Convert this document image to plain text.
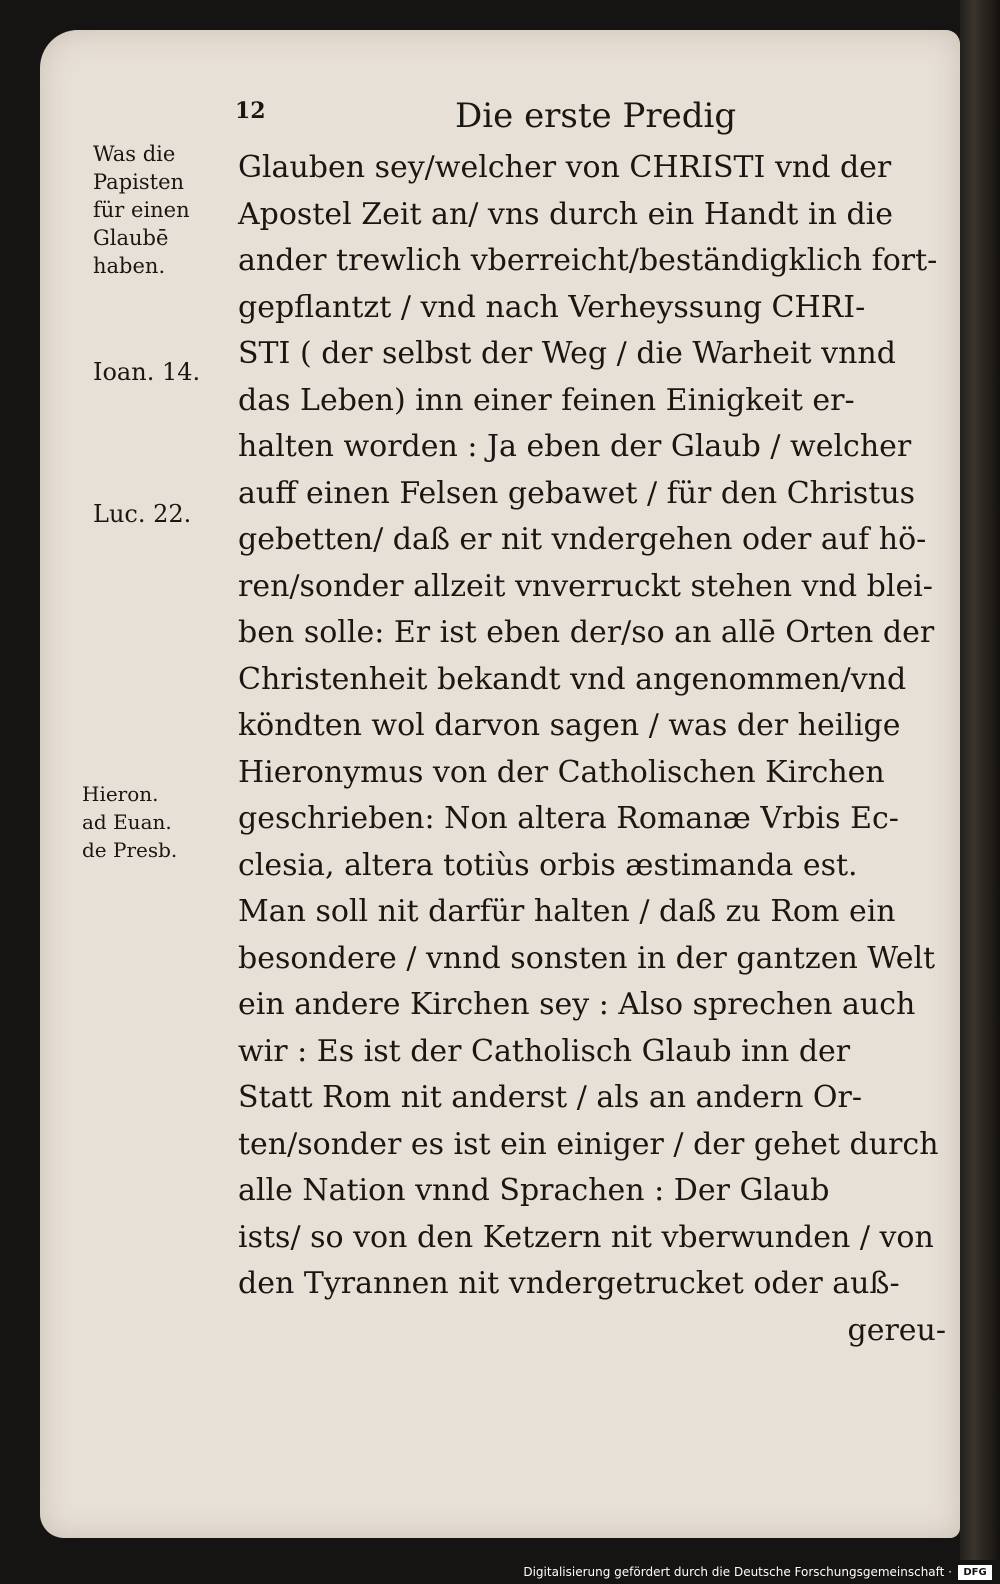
12	Die erste Predig
Was die
Papisten
für einen
Glaubē
haben.
Ioan. 14.
Luc. 22.
Hieron.
ad Euan.
de Presb.
Glauben sey/welcher von CHRISTI vnd der
Apostel Zeit an/ vns durch ein Handt in die
ander trewlich vberreicht/beständigklich fort-
gepflantzt / vnd nach Verheyssung CHRI-
STI ( der selbst der Weg / die Warheit vnnd
das Leben) inn einer feinen Einigkeit er-
halten worden : Ja eben der Glaub / welcher
auff einen Felsen gebawet / für den Christus
gebetten/ daß er nit vndergehen oder auf hö-
ren/sonder allzeit vnverruckt stehen vnd blei-
ben solle: Er ist eben der/so an allē Orten der
Christenheit bekandt vnd angenommen/vnd
köndten wol darvon sagen / was der heilige
Hieronymus von der Catholischen Kirchen
geschrieben: Non altera Romanæ Vrbis Ec-
clesia, altera totiùs orbis æstimanda est.
Man soll nit darfür halten / daß zu Rom ein
besondere / vnnd sonsten in der gantzen Welt
ein andere Kirchen sey : Also sprechen auch
wir : Es ist der Catholisch Glaub inn der
Statt Rom nit anderst / als an andern Or-
ten/sonder es ist ein einiger / der gehet durch
alle Nation vnnd Sprachen : Der Glaub
ists/ so von den Ketzern nit vberwunden / von
den Tyrannen nit vndergetrucket oder auß-
gereu-
Digitalisierung gefördert durch die Deutsche Forschungsgemeinschaft ·	DFG
